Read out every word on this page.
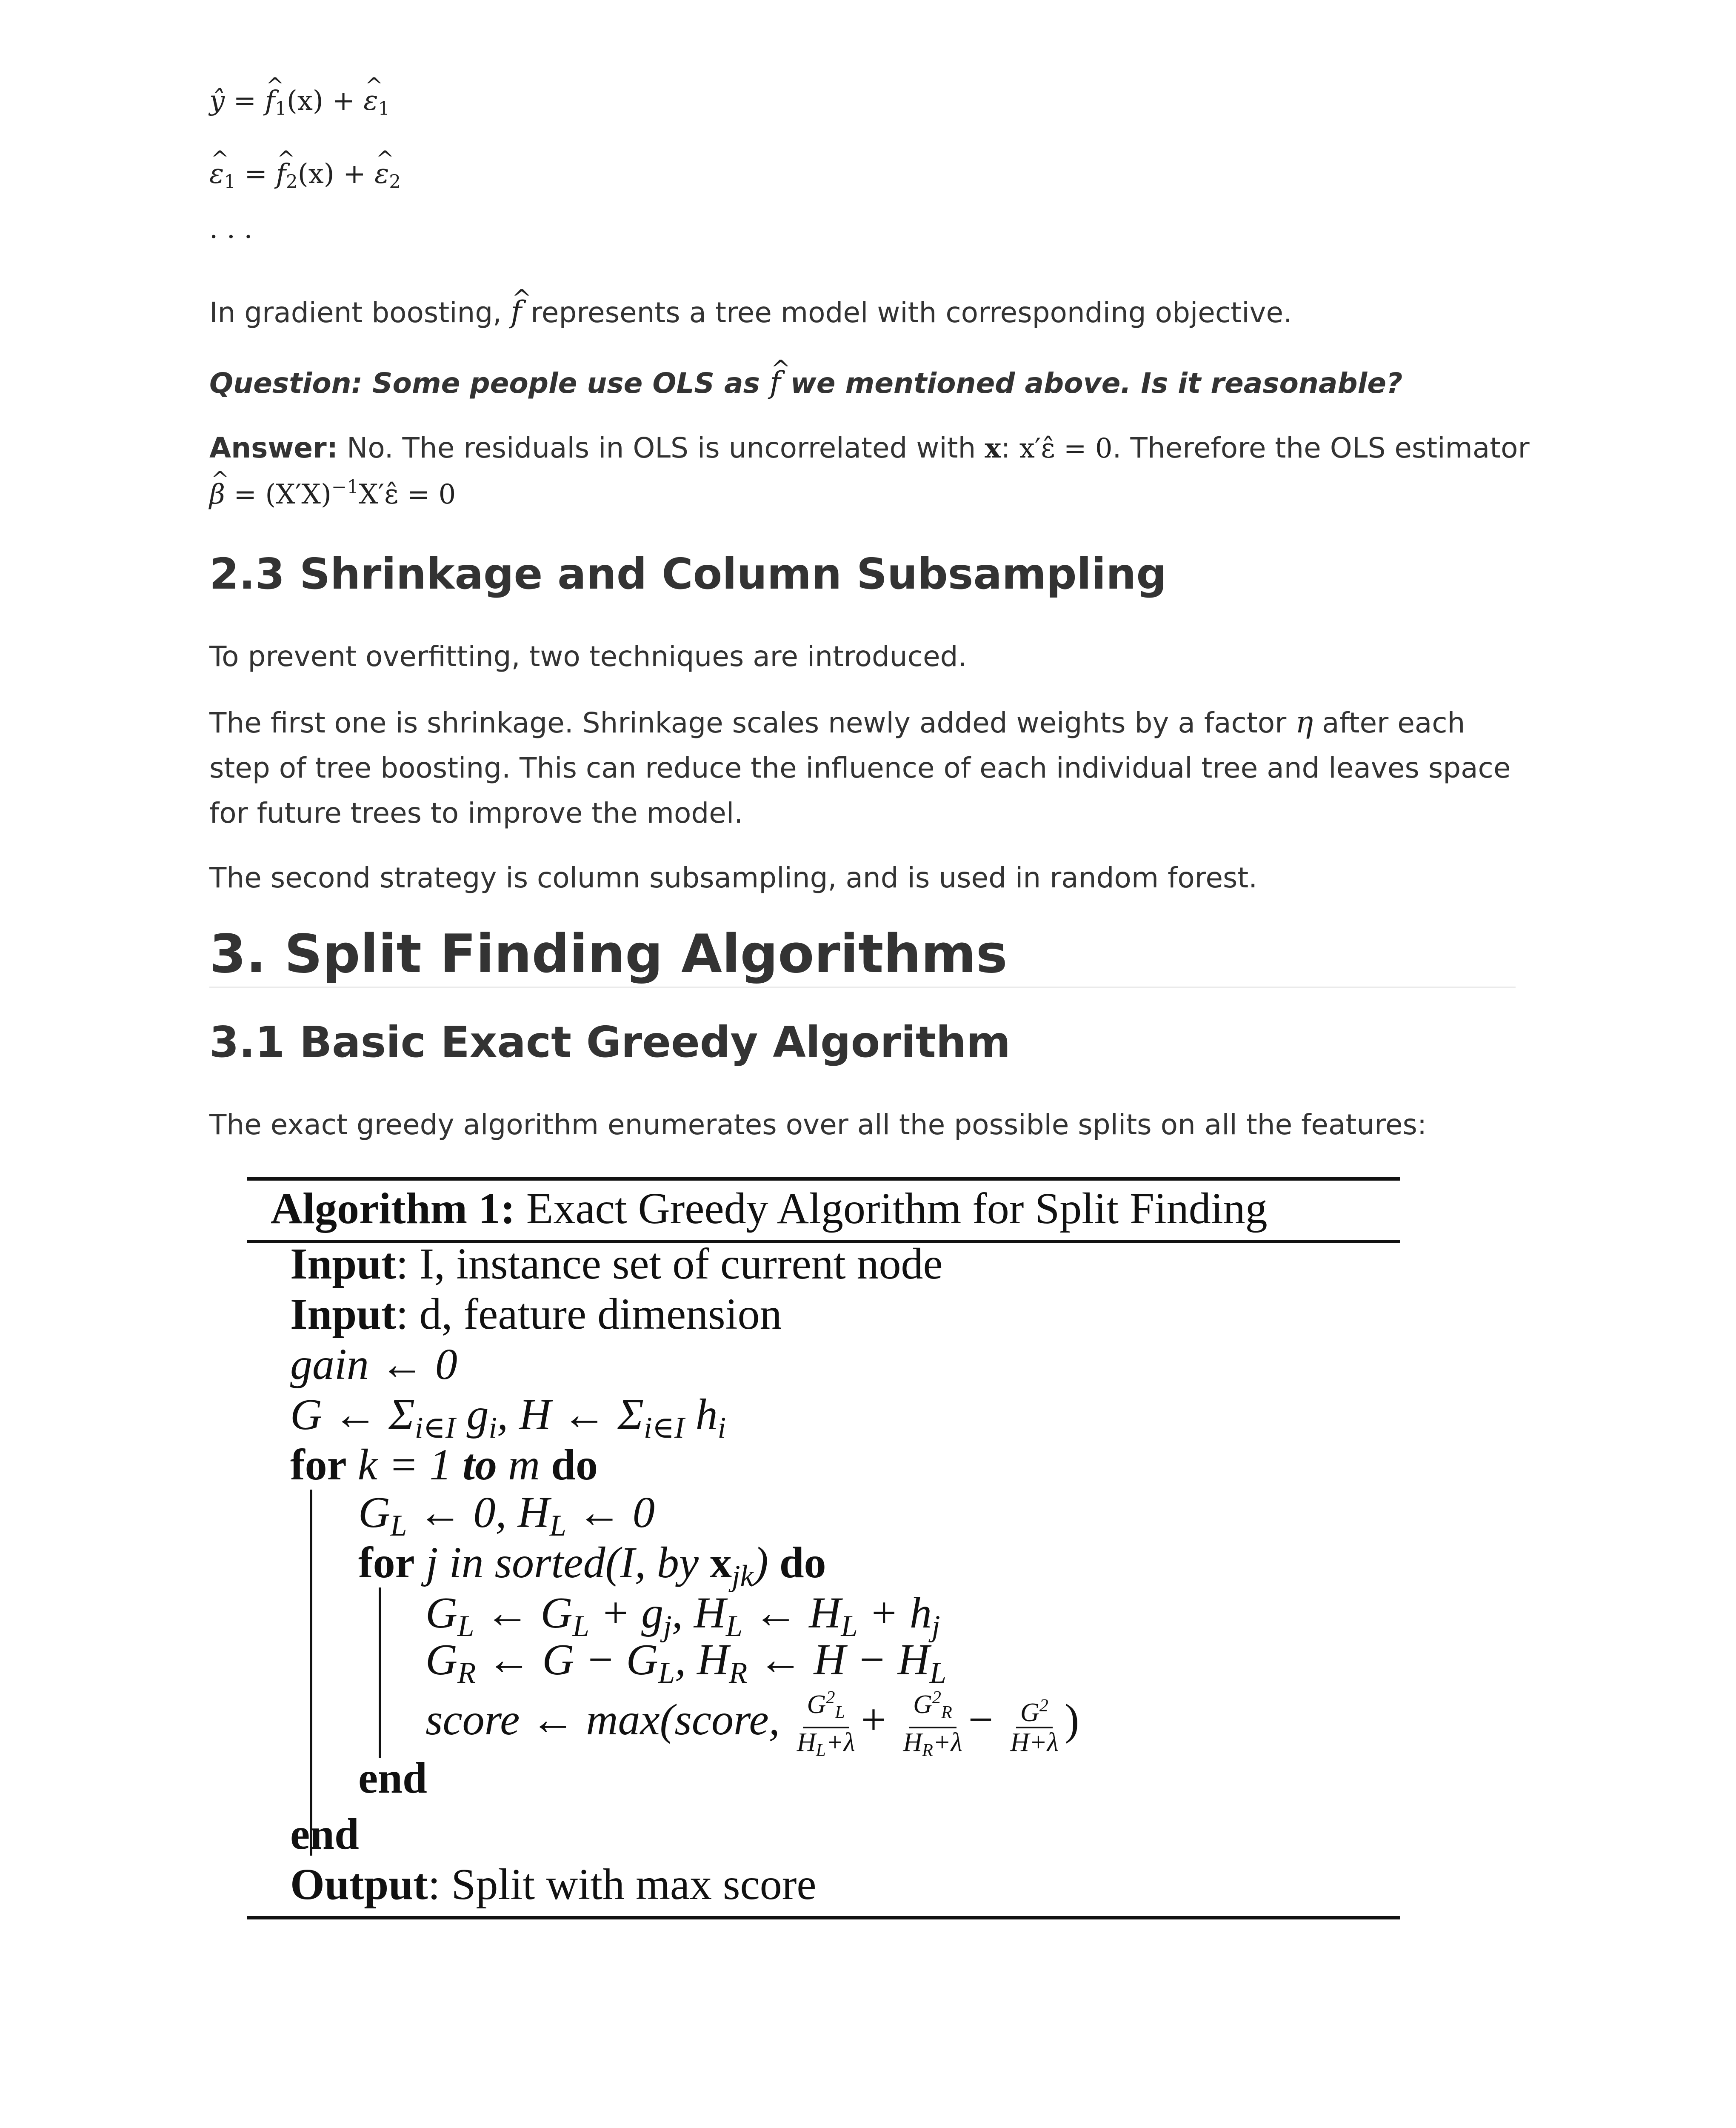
ŷ = ^ $f_1(x)$ + ^ $\varepsilon_1$
^ $\varepsilon_1$ = ^ $f_2(x)$ + ^ $\varepsilon_2$
· · ·
In gradient boosting, ^ f represents a tree model with corresponding objective.
Question: Some people use OLS as ^ f we mentioned above. Is it reasonable?
Answer: No. The residuals in OLS is uncorrelated with x: x′ε̂ = 0. Therefore the OLS estimator
^ $\beta = (X'X)^{-1}X'\varepsilon̂ = 0$
2.3 Shrinkage and Column Subsampling
To prevent overfitting, two techniques are introduced.
The first one is shrinkage. Shrinkage scales newly added weights by a factor η after each step of tree boosting. This can reduce the influence of each individual tree and leaves space for future trees to improve the model.
The second strategy is column subsampling, and is used in random forest.
3. Split Finding Algorithms
3.1 Basic Exact Greedy Algorithm
The exact greedy algorithm enumerates over all the possible splits on all the features:
Algorithm 1: Exact Greedy Algorithm for Split Finding
Input: I, instance set of current node
Input: d, feature dimension
gain ← 0
G ← $\Sigma_{i\in I}$ $g_i$, H ← $\Sigma_{i\in I}$ $h_i$
for k = 1 to m do
$G_L$ ← 0, $H_L$ ← 0
for j in sorted(I, by $x_{jk}$) do
$G_L$ ← $G_L + g_j$, $H_L$ ← $H_L + h_j$
$G_R$ ← $G - G_L$, $H_R$ ← $H - H_L$
score ← max(score, $\frac{G^2_L}{H_L+\lambda} + \frac{G^2_R}{H_R+\lambda} - \frac{G^2}{H+\lambda}$ )
end
end
Output: Split with max score
